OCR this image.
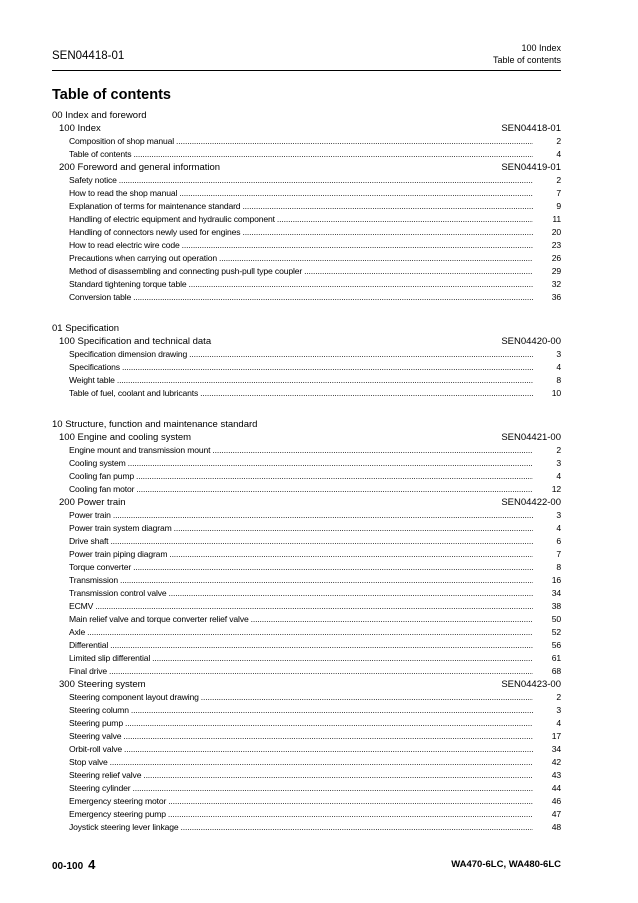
SEN04418-01
100 Index
Table of contents
Table of contents
00 Index and foreword
100 Index	SEN04418-01
Composition of shop manual .....	2
Table of contents .....	4
200 Foreword and general information	SEN04419-01
Safety notice .....	2
How to read the shop manual .....	7
Explanation of terms for maintenance standard .....	9
Handling of electric equipment and hydraulic component .....	11
Handling of connectors newly used for engines .....	20
How to read electric wire code .....	23
Precautions when carrying out operation .....	26
Method of disassembling and connecting push-pull type coupler .....	29
Standard tightening torque table .....	32
Conversion table .....	36
01 Specification
100 Specification and technical data	SEN04420-00
Specification dimension drawing .....	3
Specifications .....	4
Weight table .....	8
Table of fuel, coolant and lubricants .....	10
10 Structure, function and maintenance standard
100 Engine and cooling system	SEN04421-00
Engine mount and transmission mount .....	2
Cooling system .....	3
Cooling fan pump .....	4
Cooling fan motor .....	12
200 Power train	SEN04422-00
Power train .....	3
Power train system diagram .....	4
Drive shaft .....	6
Power train piping diagram .....	7
Torque converter .....	8
Transmission .....	16
Transmission control valve .....	34
ECMV .....	38
Main relief valve and torque converter relief valve .....	50
Axle .....	52
Differential .....	56
Limited slip differential .....	61
Final drive .....	68
300 Steering system	SEN04423-00
Steering component layout drawing .....	2
Steering column .....	3
Steering pump .....	4
Steering valve .....	17
Orbit-roll valve .....	34
Stop valve .....	42
Steering relief valve .....	43
Steering cylinder .....	44
Emergency steering motor .....	46
Emergency steering pump .....	47
Joystick steering lever linkage .....	48
00-100 4	WA470-6LC, WA480-6LC
